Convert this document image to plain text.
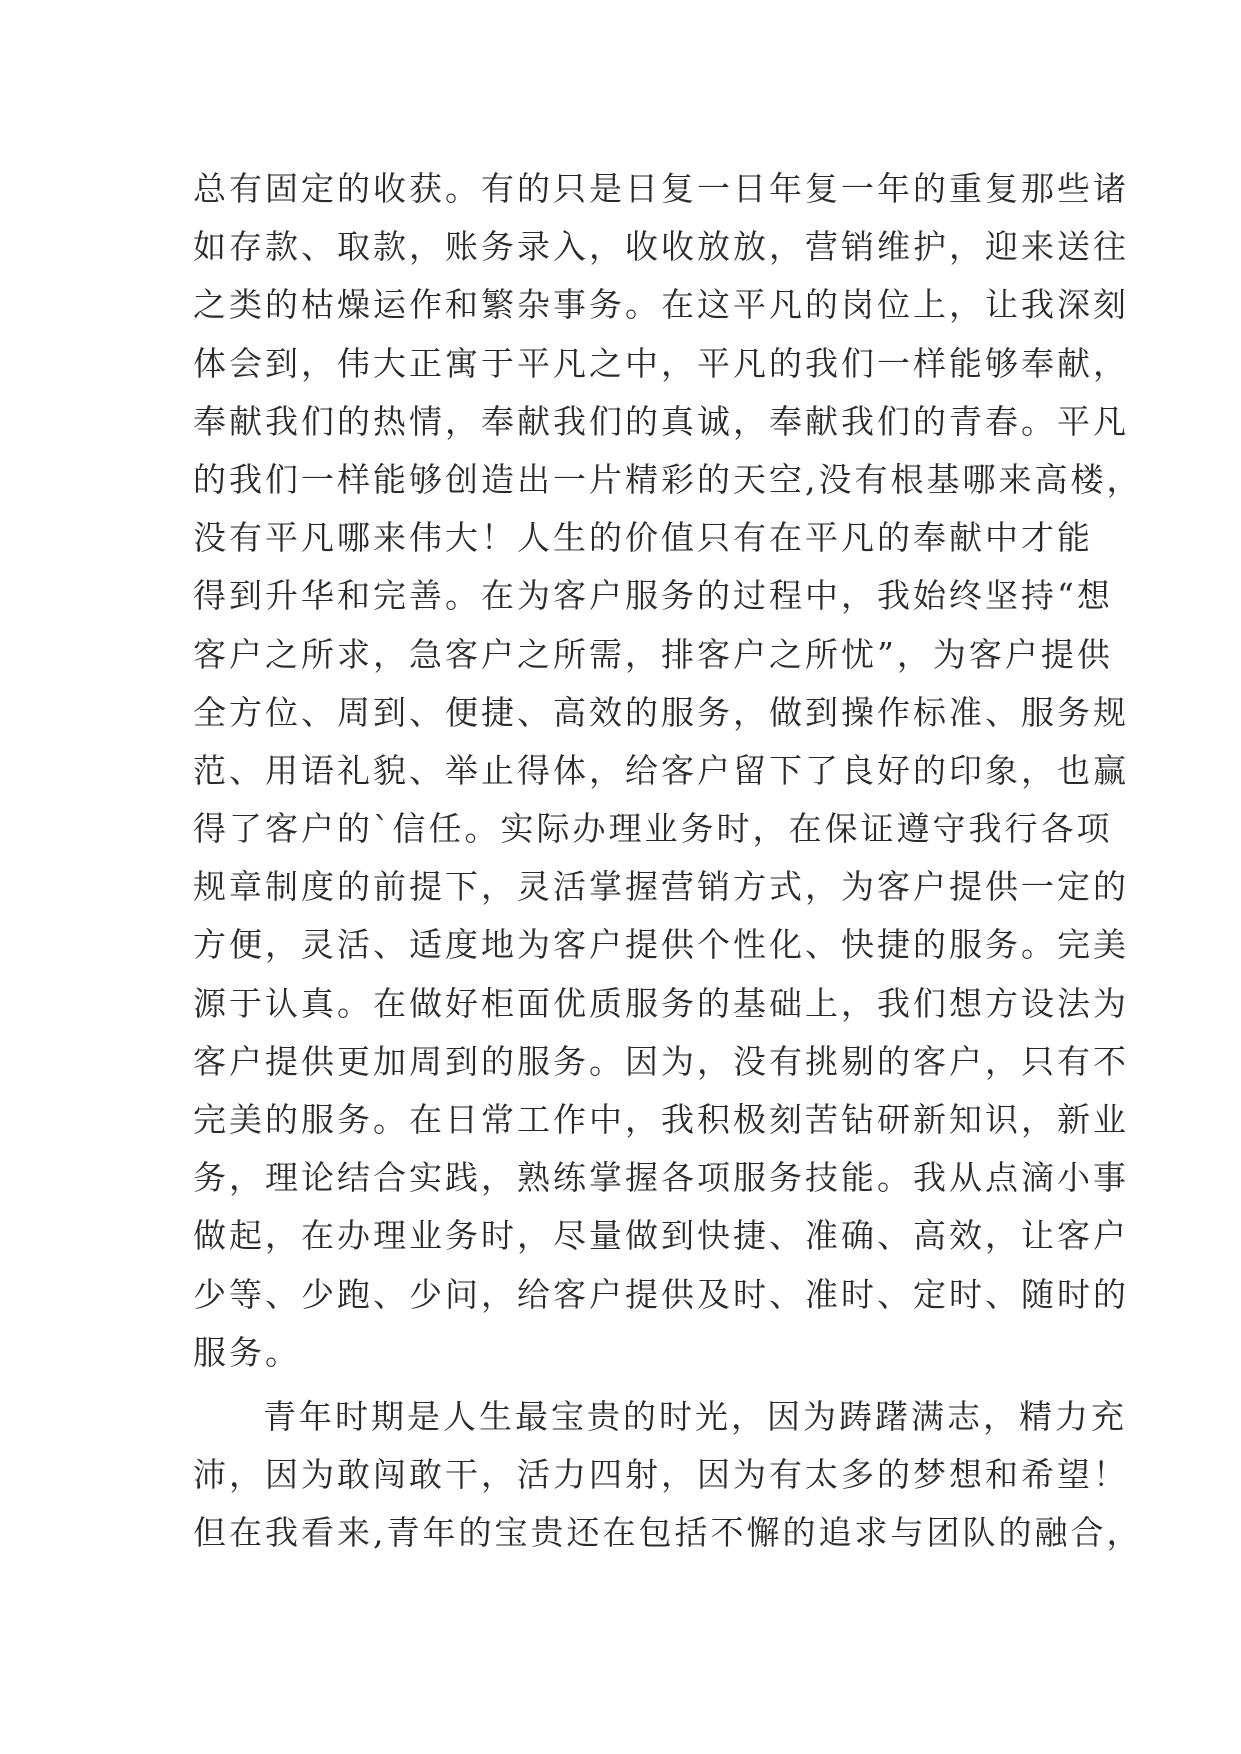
总有固定的收获。有的只是日复一日年复一年的重复那些诸
如存款、取款，账务录入，收收放放，营销维护，迎来送往
之类的枯燥运作和繁杂事务。在这平凡的岗位上，让我深刻
体会到，伟大正寓于平凡之中，平凡的我们一样能够奉献，
奉献我们的热情，奉献我们的真诚，奉献我们的青春。平凡
的我们一样能够创造出一片精彩的天空,没有根基哪来高楼，
没有平凡哪来伟大！人生的价值只有在平凡的奉献中才能
得到升华和完善。在为客户服务的过程中，我始终坚持“想
客户之所求，急客户之所需，排客户之所忧”，为客户提供
全方位、周到、便捷、高效的服务，做到操作标准、服务规
范、用语礼貌、举止得体，给客户留下了良好的印象，也赢
得了客户的`信任。实际办理业务时，在保证遵守我行各项
规章制度的前提下，灵活掌握营销方式，为客户提供一定的
方便，灵活、适度地为客户提供个性化、快捷的服务。完美
源于认真。在做好柜面优质服务的基础上，我们想方设法为
客户提供更加周到的服务。因为，没有挑剔的客户，只有不
完美的服务。在日常工作中，我积极刻苦钻研新知识，新业
务，理论结合实践，熟练掌握各项服务技能。我从点滴小事
做起，在办理业务时，尽量做到快捷、准确、高效，让客户
少等、少跑、少问，给客户提供及时、准时、定时、随时的
服务。
青年时期是人生最宝贵的时光，因为踌躇满志，精力充
沛，因为敢闯敢干，活力四射，因为有太多的梦想和希望！
但在我看来,青年的宝贵还在包括不懈的追求与团队的融合，
